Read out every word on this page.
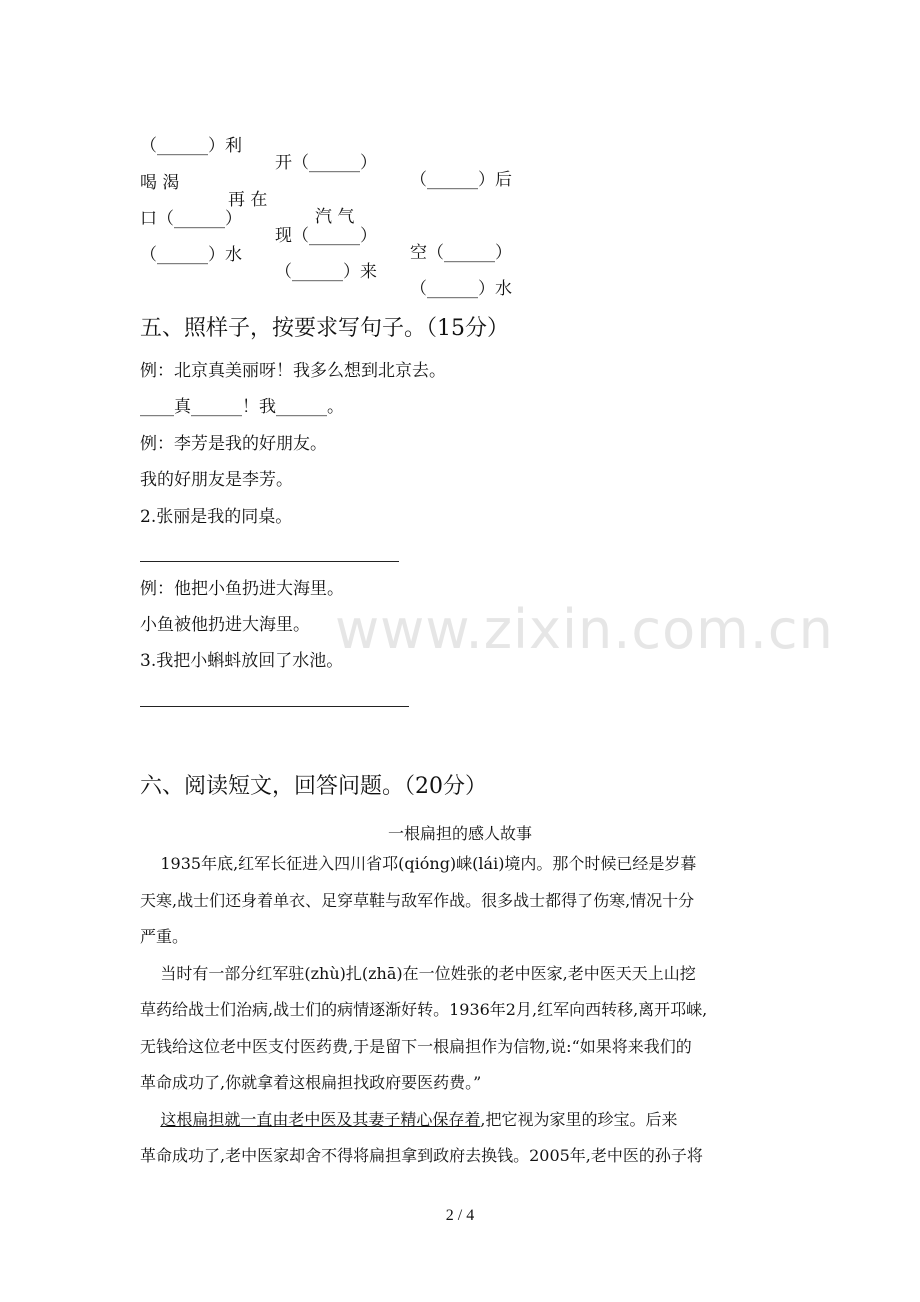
（______）利

开（______）

（______）后

喝 渴

再 在

汽 气

口（______）

现（______）

空（______）

（______）水

（______）来

（______）水

五、照样子，按要求写句子。（15分）
例：北京真美丽呀！我多么想到北京去。
____真______！我______。
例：李芳是我的好朋友。
我的好朋友是李芳。
2.张丽是我的同桌。
例：他把小鱼扔进大海里。
小鱼被他扔进大海里。
3.我把小蝌蚪放回了水池。
www.zixin.com.cn
六、阅读短文，回答问题。（20分）
一根扁担的感人故事
1935年底,红军长征进入四川省邛(qióng)崃(lái)境内。那个时候已经是岁暮
天寒,战士们还身着单衣、足穿草鞋与敌军作战。很多战士都得了伤寒,情况十分
严重。
当时有一部分红军驻(zhù)扎(zhā)在一位姓张的老中医家,老中医天天上山挖
草药给战士们治病,战士们的病情逐渐好转。1936年2月,红军向西转移,离开邛崃,
无钱给这位老中医支付医药费,于是留下一根扁担作为信物,说:“如果将来我们的
革命成功了,你就拿着这根扁担找政府要医药费。”
这根扁担就一直由老中医及其妻子精心保存着,把它视为家里的珍宝。后来
革命成功了,老中医家却舍不得将扁担拿到政府去换钱。2005年,老中医的孙子将
2 / 4
